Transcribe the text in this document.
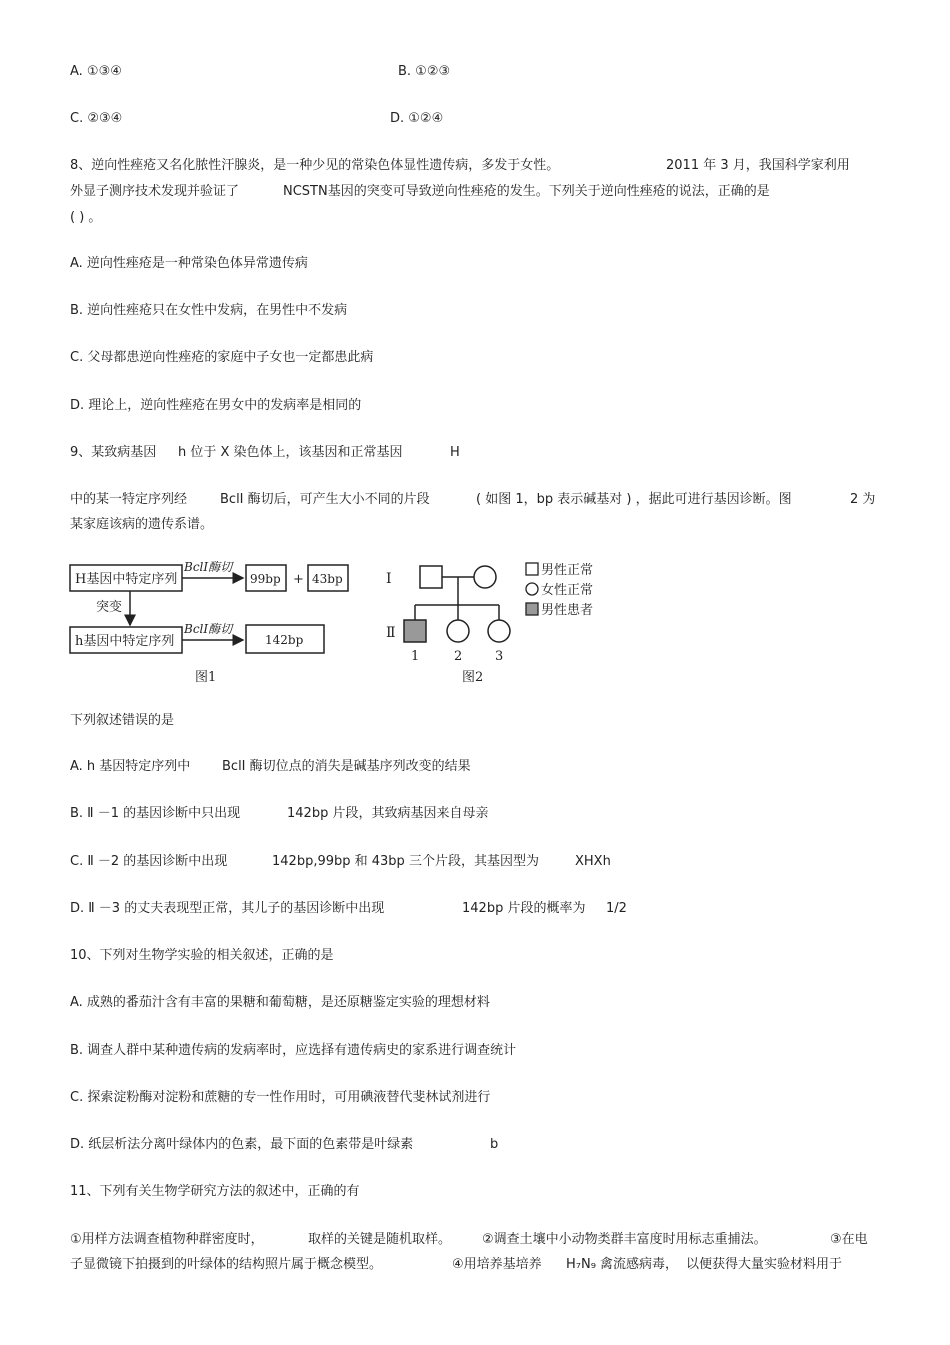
A. ①③④	B. ①②③
C. ②③④	D. ①②④
8、逆向性痤疮又名化脓性汗腺炎，是一种少见的常染色体显性遗传病，多发于女性。	2011 年 3 月，我国科学家利用
外显子测序技术发现并验证了	NCSTN基因的突变可导致逆向性痤疮的发生。下列关于逆向性痤疮的说法，正确的是
( ) 。
A. 逆向性痤疮是一种常染色体异常遗传病
B. 逆向性痤疮只在女性中发病，在男性中不发病
C. 父母都患逆向性痤疮的家庭中子女也一定都患此病
D. 理论上，逆向性痤疮在男女中的发病率是相同的
9、某致病基因 h 位于 X 染色体上，该基因和正常基因	H
中的某一特定序列经	BclI 酶切后，可产生大小不同的片段	( 如图 1，bp 表示碱基对 ) ，据此可进行基因诊断。图	2 为
某家庭该病的遗传系谱。
H基因中特定序列
BclⅠ酶切
99bp + 43bp
突变
h基因中特定序列
BclⅠ酶切
142bp
图1
Ⅰ
Ⅱ
1	2	3
男性正常
女性正常
男性患者
图2
下列叙述错误的是
A. h 基因特定序列中 BclI 酶切位点的消失是碱基序列改变的结果
B. Ⅱ －1 的基因诊断中只出现	142bp 片段，其致病基因来自母亲
C. Ⅱ －2 的基因诊断中出现	142bp,99bp 和 43bp 三个片段，其基因型为	XHXh
D. Ⅱ －3 的丈夫表现型正常，其儿子的基因诊断中出现	142bp 片段的概率为 1/2
10、下列对生物学实验的相关叙述，正确的是
A. 成熟的番茄汁含有丰富的果糖和葡萄糖，是还原糖鉴定实验的理想材料
B. 调查人群中某种遗传病的发病率时，应选择有遗传病史的家系进行调查统计
C. 探索淀粉酶对淀粉和蔗糖的专一性作用时，可用碘液替代斐林试剂进行
D. 纸层析法分离叶绿体内的色素，最下面的色素带是叶绿素	b
11、下列有关生物学研究方法的叙述中，正确的有
①用样方法调查植物种群密度时，	取样的关键是随机取样。 ②调查土壤中小动物类群丰富度时用标志重捕法。	③在电
子显微镜下拍摄到的叶绿体的结构照片属于概念模型。	④用培养基培养 H₇N₉ 禽流感病毒， 以便获得大量实验材料用于
